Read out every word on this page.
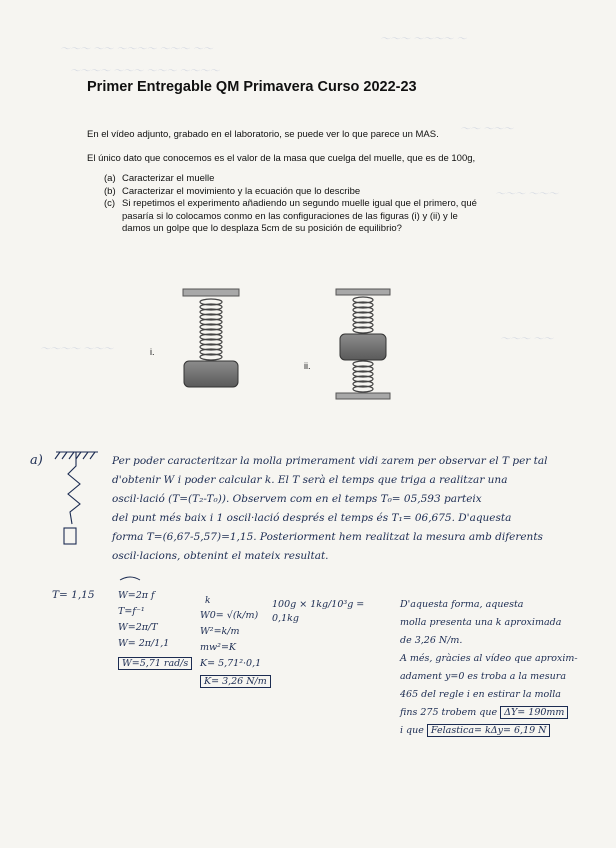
～～～ ～～ ～～～～ ～～～ ～～
～～～ ～～～～ ～
～～～～ ～～～ ～～～ ～～～～
～～ ～～～
～～～ ～～～
～～～ ～～
～～～～ ～～～
Primer Entregable QM Primavera Curso 2022-23
En el vídeo adjunto, grabado en el laboratorio, se puede ver lo que parece un MAS.
El único dato que conocemos es el valor de la masa que cuelga del muelle, que es de 100g,
(a) Caracterizar el muelle
(b) Caracterizar el movimiento y la ecuación que lo describe
(c) Si repetimos el experimento añadiendo un segundo muelle igual que el primero, qué pasaría si lo colocamos conmo en las configuraciones de las figuras (i) y (ii) y le damos un golpe que lo desplaza 5cm de su posición de equilibrio?
i.
ii.
a)	Per poder caracteritzar la molla primerament vidi zarem per observar el T per tal
d'obtenir W i poder calcular k. El T serà el temps que triga a realitzar una
oscil·lació (T=(T₂-T₀)). Observem com en el temps T₀= 05,593 parteix
del punt més baix i 1 oscil·lació després el temps és T₁= 06,675. D'aquesta
forma T=(6,67-5,57)=1,15. Posteriorment hem realitzat la mesura amb diferents
oscil·lacions, obtenint el mateix resultat.
T= 1,15 W=2π f
T=f⁻¹
W=2π/T
W= 2π/1,1
W=5,71 rad/s
k
W0= √(k/m)
W²=k/m
mw²=K
K= 5,71²·0,1
K= 3,26 N/m
100g × 1kg/10³g = 0,1kg
D'aquesta forma, aquesta
molla presenta una k aproximada
de 3,26 N/m.
A més, gràcies al vídeo que aproxim-
adament y=0 es troba a la mesura
465 del regle i en estirar la molla
fins 275 trobem que ΔY= 190mm
i que Felastica= kΔy= 6,19 N
